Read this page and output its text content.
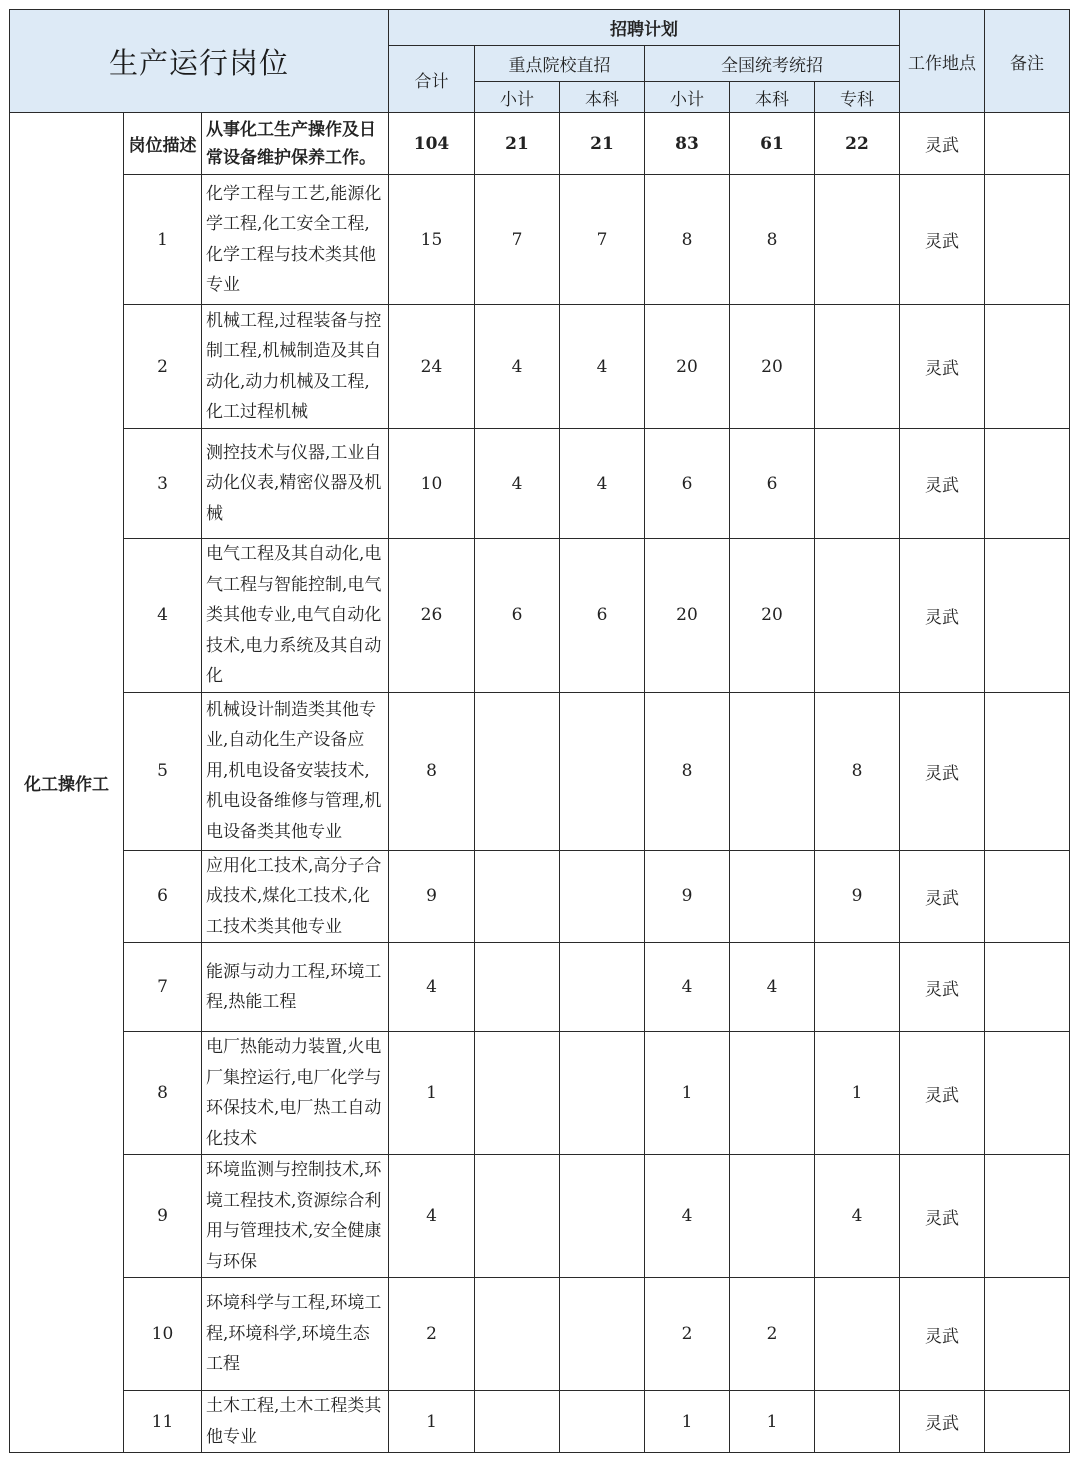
生产运行岗位			招聘计划						工作地点	备注
			合计	重点院校直招		全国统考统招				
				小计	本科	小计	本科	专科		
化工操作工	岗位描述	从事化工生产操作及日常设备维护保养工作。	104	21	21	83	61	22	灵武	
	1	化学工程与工艺,能源化学工程,化工安全工程,化学工程与技术类其他专业	15	7	7	8	8		灵武	
	2	机械工程,过程装备与控制工程,机械制造及其自动化,动力机械及工程,化工过程机械	24	4	4	20	20		灵武	
	3	测控技术与仪器,工业自动化仪表,精密仪器及机械	10	4	4	6	6		灵武	
	4	电气工程及其自动化,电气工程与智能控制,电气类其他专业,电气自动化技术,电力系统及其自动化	26	6	6	20	20		灵武	
	5	机械设计制造类其他专业,自动化生产设备应用,机电设备安装技术,机电设备维修与管理,机电设备类其他专业	8			8		8	灵武	
	6	应用化工技术,高分子合成技术,煤化工技术,化工技术类其他专业	9			9		9	灵武	
	7	能源与动力工程,环境工程,热能工程	4			4	4		灵武	
	8	电厂热能动力装置,火电厂集控运行,电厂化学与环保技术,电厂热工自动化技术	1			1		1	灵武	
	9	环境监测与控制技术,环境工程技术,资源综合利用与管理技术,安全健康与环保	4			4		4	灵武	
	10	环境科学与工程,环境工程,环境科学,环境生态工程	2			2	2		灵武	
	11	土木工程,土木工程类其他专业	1			1	1		灵武	
